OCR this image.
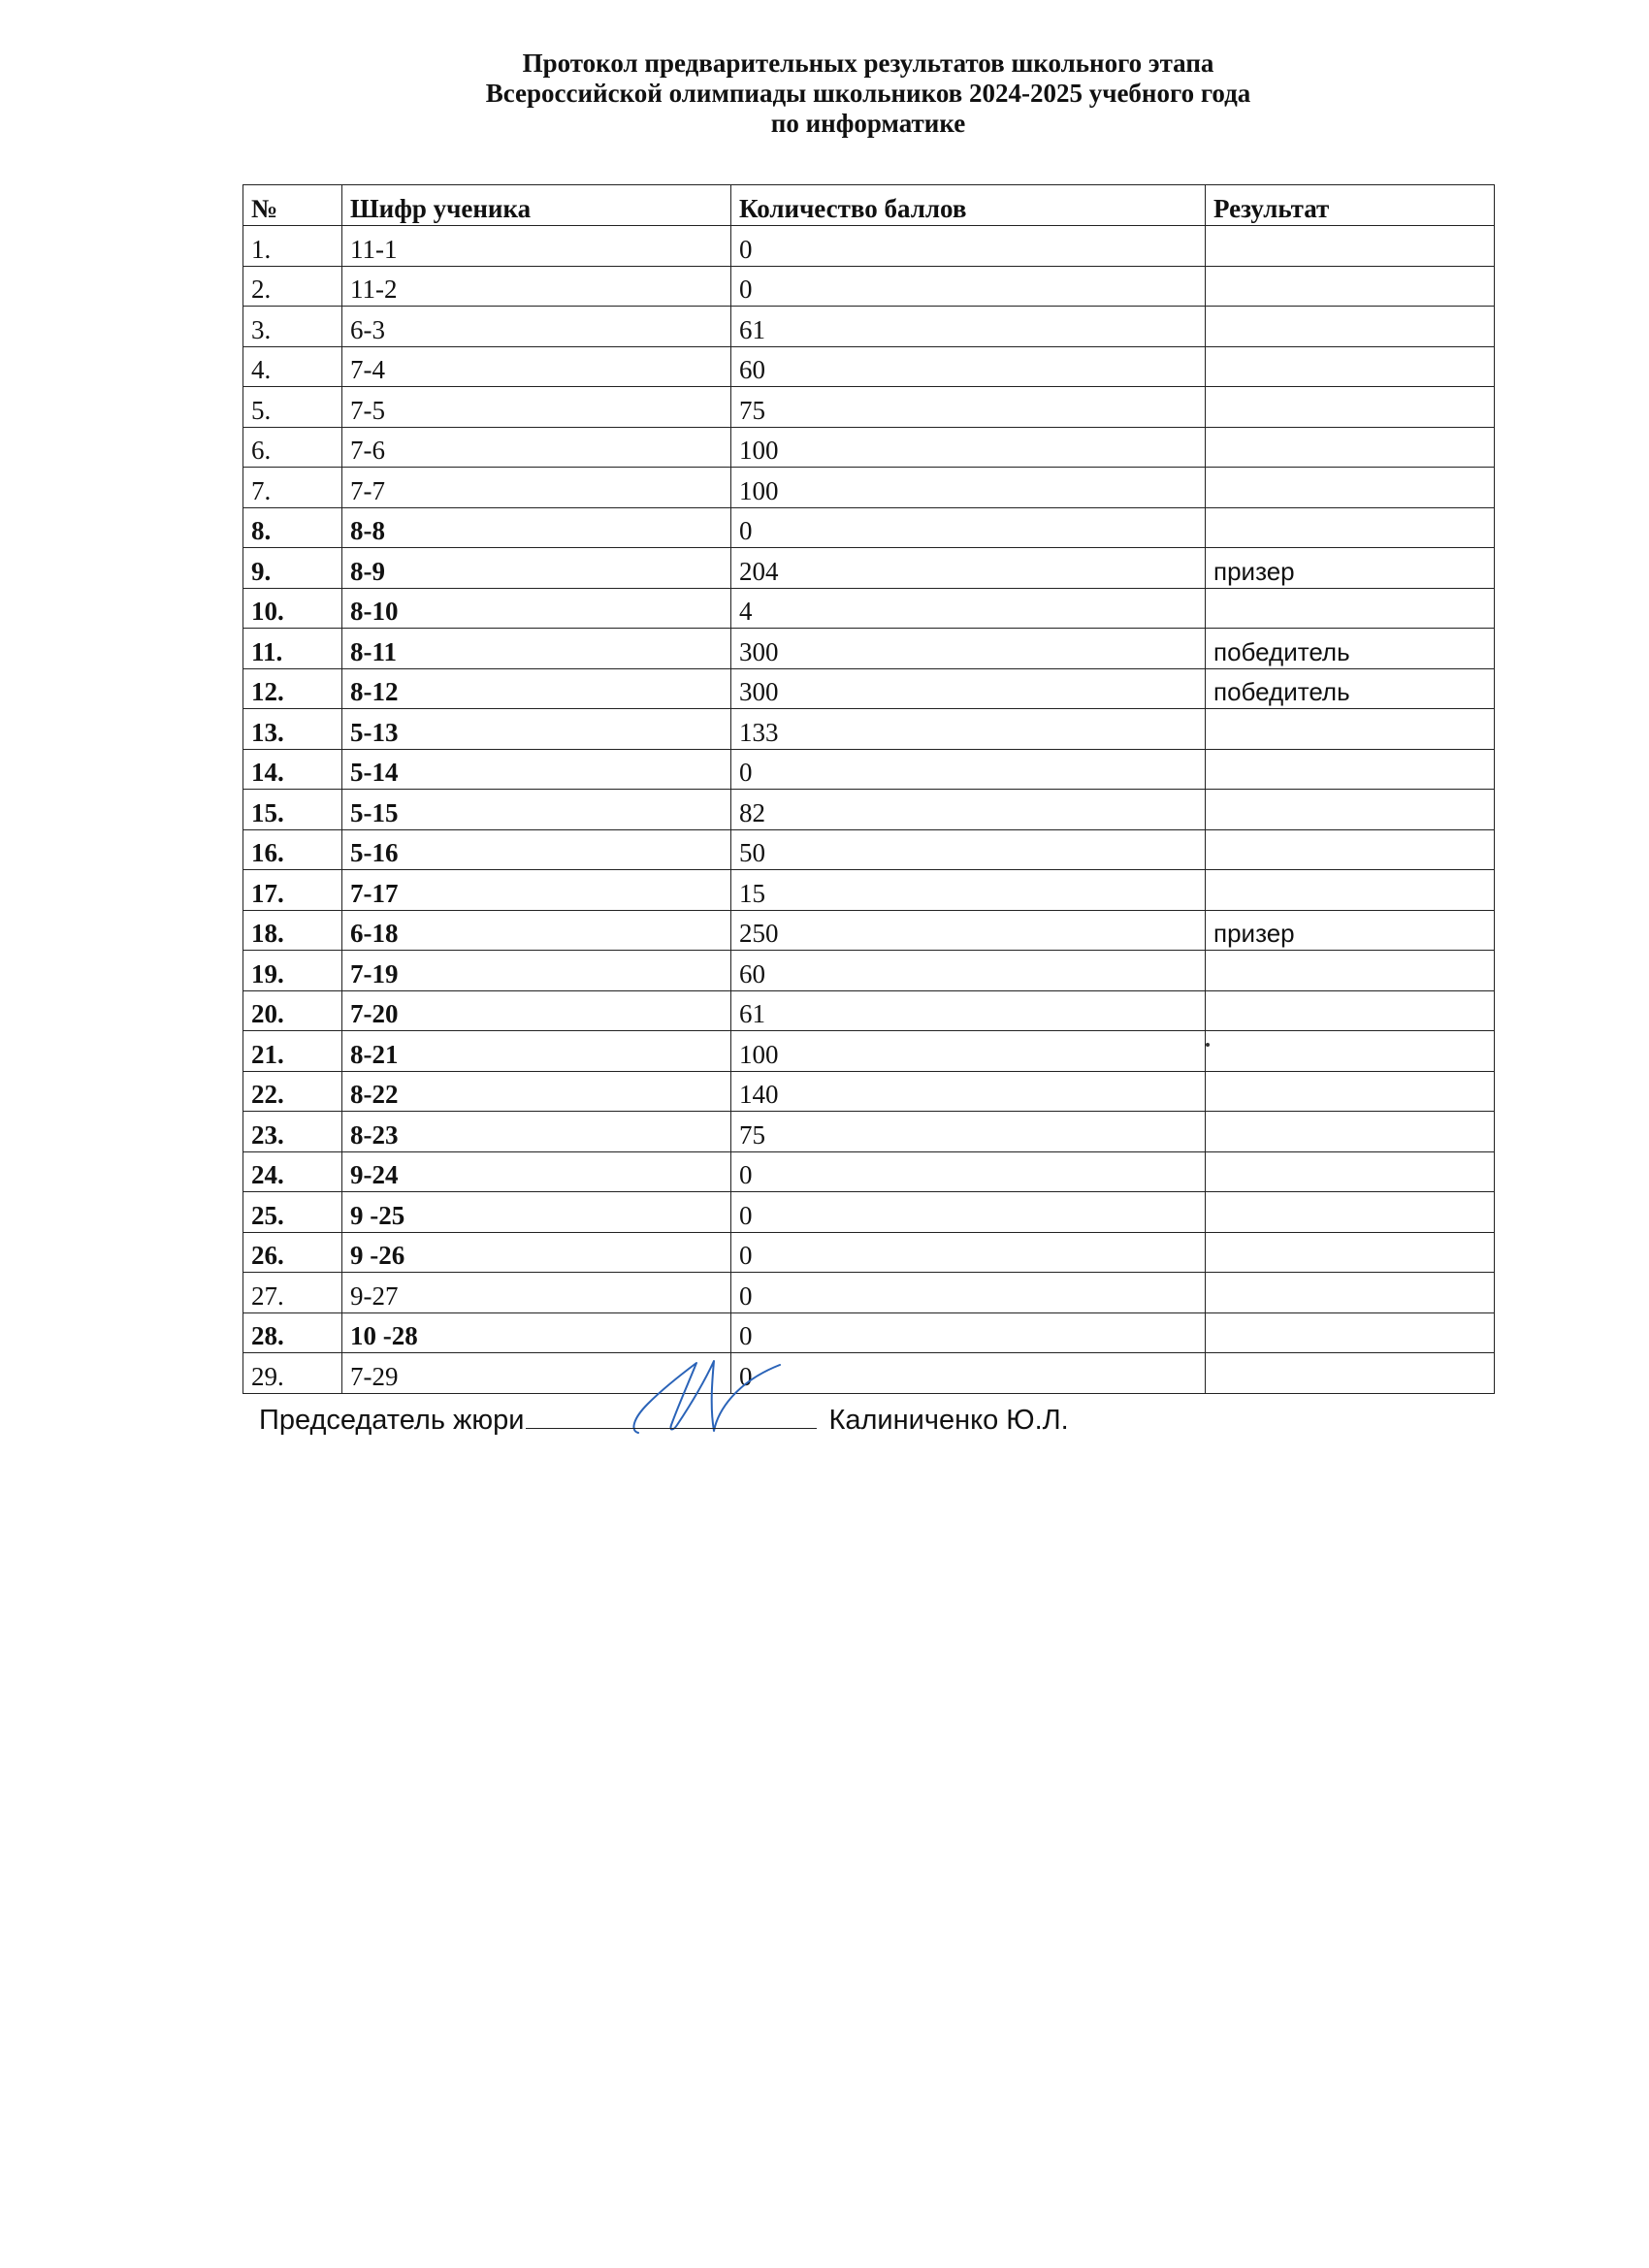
Протокол предварительных результатов школьного этапа
Всероссийской олимпиады школьников 2024-2025 учебного года
по информатике
№	Шифр ученика	Количество баллов	Результат
1.	11-1	0	
2.	11-2	0	
3.	6-3	61	
4.	7-4	60	
5.	7-5	75	
6.	7-6	100	
7.	7-7	100	
8.	8-8	0	
9.	8-9	204	призер
10.	8-10	4	
11.	8-11	300	победитель
12.	8-12	300	победитель
13.	5-13	133	
14.	5-14	0	
15.	5-15	82	
16.	5-16	50	
17.	7-17	15	
18.	6-18	250	призер
19.	7-19	60	
20.	7-20	61	
21.	8-21	100	
22.	8-22	140	
23.	8-23	75	
24.	9-24	0	
25.	9 -25	0	
26.	9 -26	0	
27.	9-27	0	
28.	10 -28	0	
29.	7-29	0	
Председатель жюри	Калиниченко Ю.Л.
